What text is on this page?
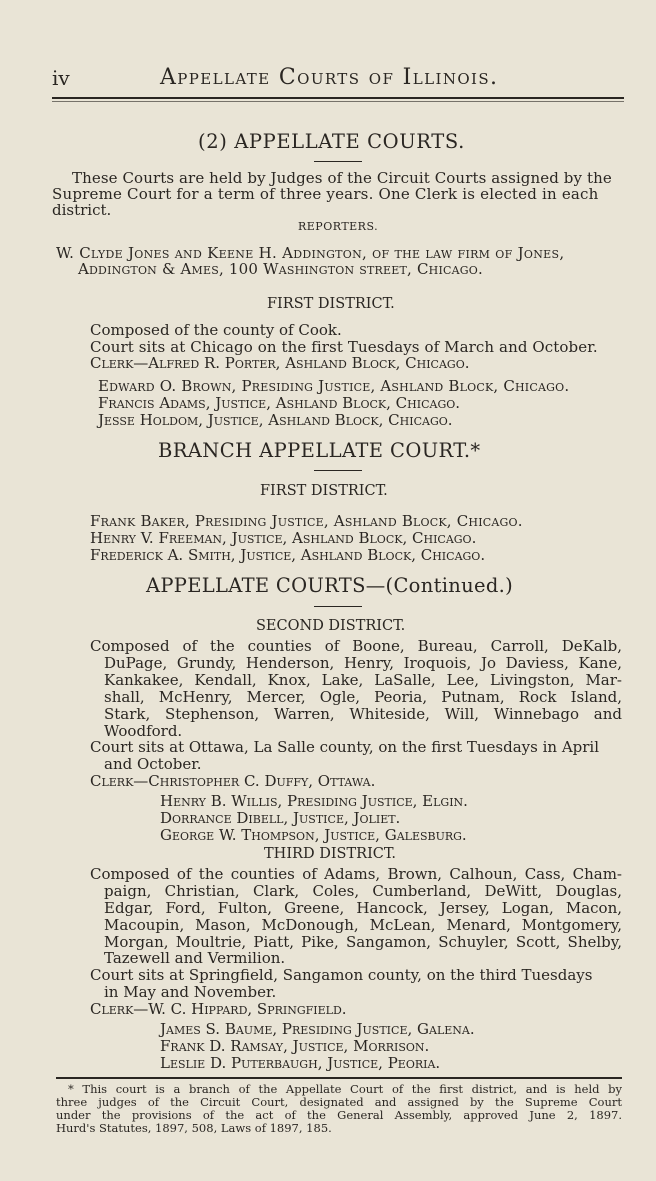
iv	Appellate Courts of Illinois.
(2) APPELLATE COURTS.
These Courts are held by Judges of the Circuit Courts assigned by the
Supreme Court for a term of three years. One Clerk is elected in each
district.
REPORTERS.
W. Clyde Jones and Keene H. Addington, of the law firm of Jones,
Addington & Ames, 100 Washington street, Chicago.
FIRST DISTRICT.
Composed of the county of Cook.
Court sits at Chicago on the first Tuesdays of March and October.
Clerk—Alfred R. Porter, Ashland Block, Chicago.
Edward O. Brown, Presiding Justice, Ashland Block, Chicago.
Francis Adams, Justice, Ashland Block, Chicago.
Jesse Holdom, Justice, Ashland Block, Chicago.
BRANCH APPELLATE COURT.*
FIRST DISTRICT.
Frank Baker, Presiding Justice, Ashland Block, Chicago.
Henry V. Freeman, Justice, Ashland Block, Chicago.
Frederick A. Smith, Justice, Ashland Block, Chicago.
APPELLATE COURTS—(Continued.)
SECOND DISTRICT.
Composed of the counties of Boone, Bureau, Carroll, DeKalb,
DuPage, Grundy, Henderson, Henry, Iroquois, Jo Daviess, Kane,
Kankakee, Kendall, Knox, Lake, LaSalle, Lee, Livingston, Mar-
shall, McHenry, Mercer, Ogle, Peoria, Putnam, Rock Island,
Stark, Stephenson, Warren, Whiteside, Will, Winnebago and
Woodford.
Court sits at Ottawa, La Salle county, on the first Tuesdays in April
and October.
Clerk—Christopher C. Duffy, Ottawa.
Henry B. Willis, Presiding Justice, Elgin.
Dorrance Dibell, Justice, Joliet.
George W. Thompson, Justice, Galesburg.
THIRD DISTRICT.
Composed of the counties of Adams, Brown, Calhoun, Cass, Cham-
paign, Christian, Clark, Coles, Cumberland, DeWitt, Douglas,
Edgar, Ford, Fulton, Greene, Hancock, Jersey, Logan, Macon,
Macoupin, Mason, McDonough, McLean, Menard, Montgomery,
Morgan, Moultrie, Piatt, Pike, Sangamon, Schuyler, Scott, Shelby,
Tazewell and Vermilion.
Court sits at Springfield, Sangamon county, on the third Tuesdays
in May and November.
Clerk—W. C. Hippard, Springfield.
James S. Baume, Presiding Justice, Galena.
Frank D. Ramsay, Justice, Morrison.
Leslie D. Puterbaugh, Justice, Peoria.
* This court is a branch of the Appellate Court of the first district, and is held by
three judges of the Circuit Court, designated and assigned by the Supreme Court
under the provisions of the act of the General Assembly, approved June 2, 1897.
Hurd's Statutes, 1897, 508, Laws of 1897, 185.
